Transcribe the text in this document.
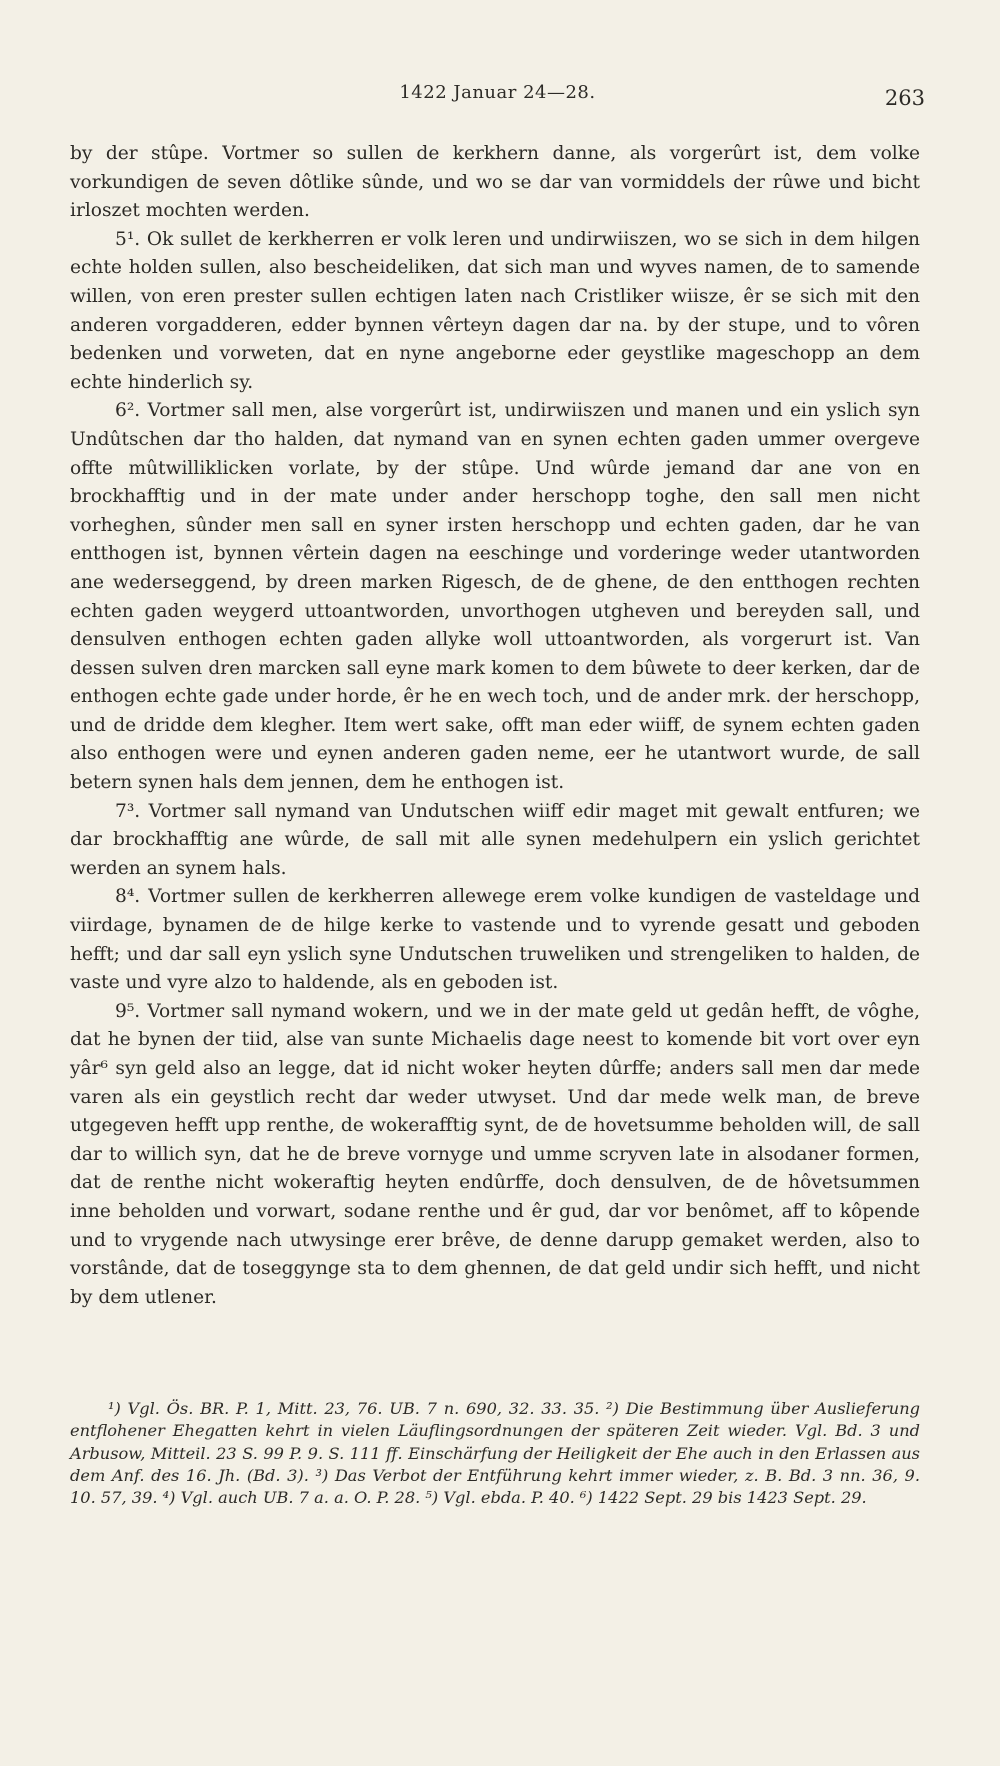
1422 Januar 24—28.	263

by der stûpe. Vortmer so sullen de kerkhern danne, als vorgerûrt ist, dem volke vorkundigen de seven dôtlike sûnde, und wo se dar van vormiddels der rûwe und bicht irloszet mochten werden.

5¹. Ok sullet de kerkherren er volk leren und undirwiiszen, wo se sich in dem hilgen echte holden sullen, also bescheideliken, dat sich man und wyves namen, de to samende willen, von eren prester sullen echtigen laten nach Cristliker wiisze, êr se sich mit den anderen vorgadderen, edder bynnen vêrteyn dagen dar na. by der stupe, und to vôren bedenken und vorweten, dat en nyne angeborne eder geystlike mageschopp an dem echte hinderlich sy.

6². Vortmer sall men, alse vorgerûrt ist, undirwiiszen und manen und ein yslich syn Undûtschen dar tho halden, dat nymand van en synen echten gaden ummer overgeve offte mûtwilliklicken vorlate, by der stûpe. Und wûrde jemand dar ane von en brockhafftig und in der mate under ander herschopp toghe, den sall men nicht vorheghen, sûnder men sall en syner irsten herschopp und echten gaden, dar he van entthogen ist, bynnen vêrtein dagen na eeschinge und vorderinge weder utantworden ane wederseggend, by dreen marken Rigesch, de de ghene, de den entthogen rechten echten gaden weygerd uttoantworden, unvorthogen utgheven und bereyden sall, und densulven enthogen echten gaden allyke woll uttoantworden, als vorgerurt ist. Van dessen sulven dren marcken sall eyne mark komen to dem bûwete to deer kerken, dar de enthogen echte gade under horde, êr he en wech toch, und de ander mrk. der herschopp, und de dridde dem klegher. Item wert sake, offt man eder wiiff, de synem echten gaden also enthogen were und eynen anderen gaden neme, eer he utantwort wurde, de sall betern synen hals dem jennen, dem he enthogen ist.

7³. Vortmer sall nymand van Undutschen wiiff edir maget mit gewalt entfuren; we dar brockhafftig ane wûrde, de sall mit alle synen medehulpern ein yslich gerichtet werden an synem hals.

8⁴. Vortmer sullen de kerkherren allewege erem volke kundigen de vasteldage und viirdage, bynamen de de hilge kerke to vastende und to vyrende gesatt und geboden hefft; und dar sall eyn yslich syne Undutschen truweliken und strengeliken to halden, de vaste und vyre alzo to haldende, als en geboden ist.

9⁵. Vortmer sall nymand wokern, und we in der mate geld ut gedân hefft, de vôghe, dat he bynen der tiid, alse van sunte Michaelis dage neest to komende bit vort over eyn yâr⁶ syn geld also an legge, dat id nicht woker heyten dûrffe; anders sall men dar mede varen als ein geystlich recht dar weder utwyset. Und dar mede welk man, de breve utgegeven hefft upp renthe, de wokerafftig synt, de de hovetsumme beholden will, de sall dar to willich syn, dat he de breve vornyge und umme scryven late in alsodaner formen, dat de renthe nicht wokeraftig heyten endûrffe, doch densulven, de de hôvetsummen inne beholden und vorwart, sodane renthe und êr gud, dar vor benômet, aff to kôpende und to vrygende nach utwysinge erer brêve, de denne darupp gemaket werden, also to vorstânde, dat de toseggynge sta to dem ghennen, de dat geld undir sich hefft, und nicht by dem utlener.

¹) Vgl. Ös. BR. P. 1, Mitt. 23, 76. UB. 7 n. 690, 32. 33. 35. ²) Die Bestimmung über Auslieferung entflohener Ehegatten kehrt in vielen Läuflingsordnungen der späteren Zeit wieder. Vgl. Bd. 3 und Arbusow, Mitteil. 23 S. 99 P. 9. S. 111 ff. Einschärfung der Heiligkeit der Ehe auch in den Erlassen aus dem Anf. des 16. Jh. (Bd. 3). ³) Das Verbot der Entführung kehrt immer wieder, z. B. Bd. 3 nn. 36, 9. 10. 57, 39. ⁴) Vgl. auch UB. 7 a. a. O. P. 28. ⁵) Vgl. ebda. P. 40. ⁶) 1422 Sept. 29 bis 1423 Sept. 29.
